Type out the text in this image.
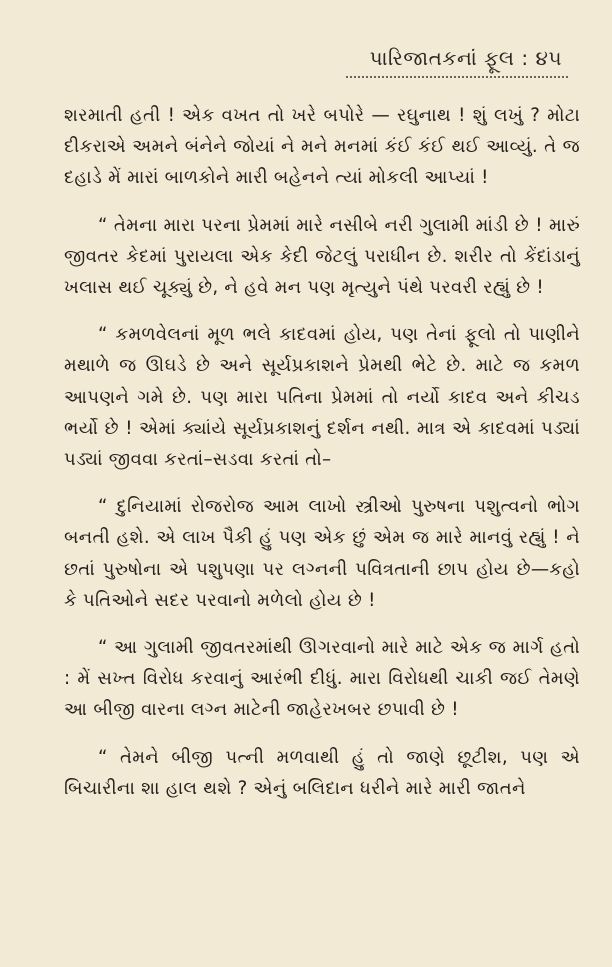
પારિજાતકનાં ફૂલ : ૪૫

શરમાતી હતી ! એક વખત તો ખરે બપોરે — રઘુનાથ ! શું લખું ? મોટા દીકરાએ અમને બંનેને જોયાં ને મને મનમાં કંઈ કંઈ થઈ આવ્યું. તે જ દહાડે મેં મારાં બાળકોને મારી બહેનને ત્યાં મોકલી આપ્યાં !

“ તેમના મારા પરના પ્રેમમાં મારે નસીબે નરી ગુલામી માંડી છે ! મારું જીવતર કેદમાં પુરાયલા એક કેદી જેટલું પરાધીન છે. શરીર તો કેંદાંડાનું ખલાસ થઈ ચૂક્યું છે, ને હવે મન પણ મૃત્યુને પંથે પરવરી રહ્યું છે !

“ કમળવેલનાં મૂળ ભલે કાદવમાં હોય, પણ તેનાં ફૂલો તો પાણીને મથાળે જ ઊઘડે છે અને સૂર્યપ્રકાશને પ્રેમથી ભેટે છે. માટે જ કમળ આપણને ગમે છે. પણ મારા પતિના પ્રેમમાં તો નર્યો કાદવ અને કીચડ ભર્યો છે ! એમાં ક્યાંયે સૂર્યપ્રકાશનું દર્શન નથી. માત્ર એ કાદવમાં પડ્યાં પડ્યાં જીવવા કરતાં–સડવા કરતાં તો–

“ દુનિયામાં રોજરોજ આમ લાખો સ્ત્રીઓ પુરુષના પશુત્વનો ભોગ બનતી હશે. એ લાખ પૈકી હું પણ એક છું એમ જ મારે માનવું રહ્યું ! ને છતાં પુરુષોના એ પશુપણા પર લગ્નની પવિત્રતાની છાપ હોય છે—કહો કે પતિઓને સદર પરવાનો મળેલો હોય છે !

“ આ ગુલામી જીવતરમાંથી ઊગરવાનો મારે માટે એક જ માર્ગ હતો : મેં સખ્ત વિરોધ કરવાનું આરંભી દીધું. મારા વિરોધથી ચાકી જઈ તેમણે આ બીજી વારના લગ્ન માટેની જાહેરખબર છપાવી છે !

“ તેમને બીજી પત્ની મળવાથી હું તો જાણે છૂટીશ, પણ એ બિચારીના શા હાલ થશે ? એનું બલિદાન ધરીને મારે મારી જાતને
